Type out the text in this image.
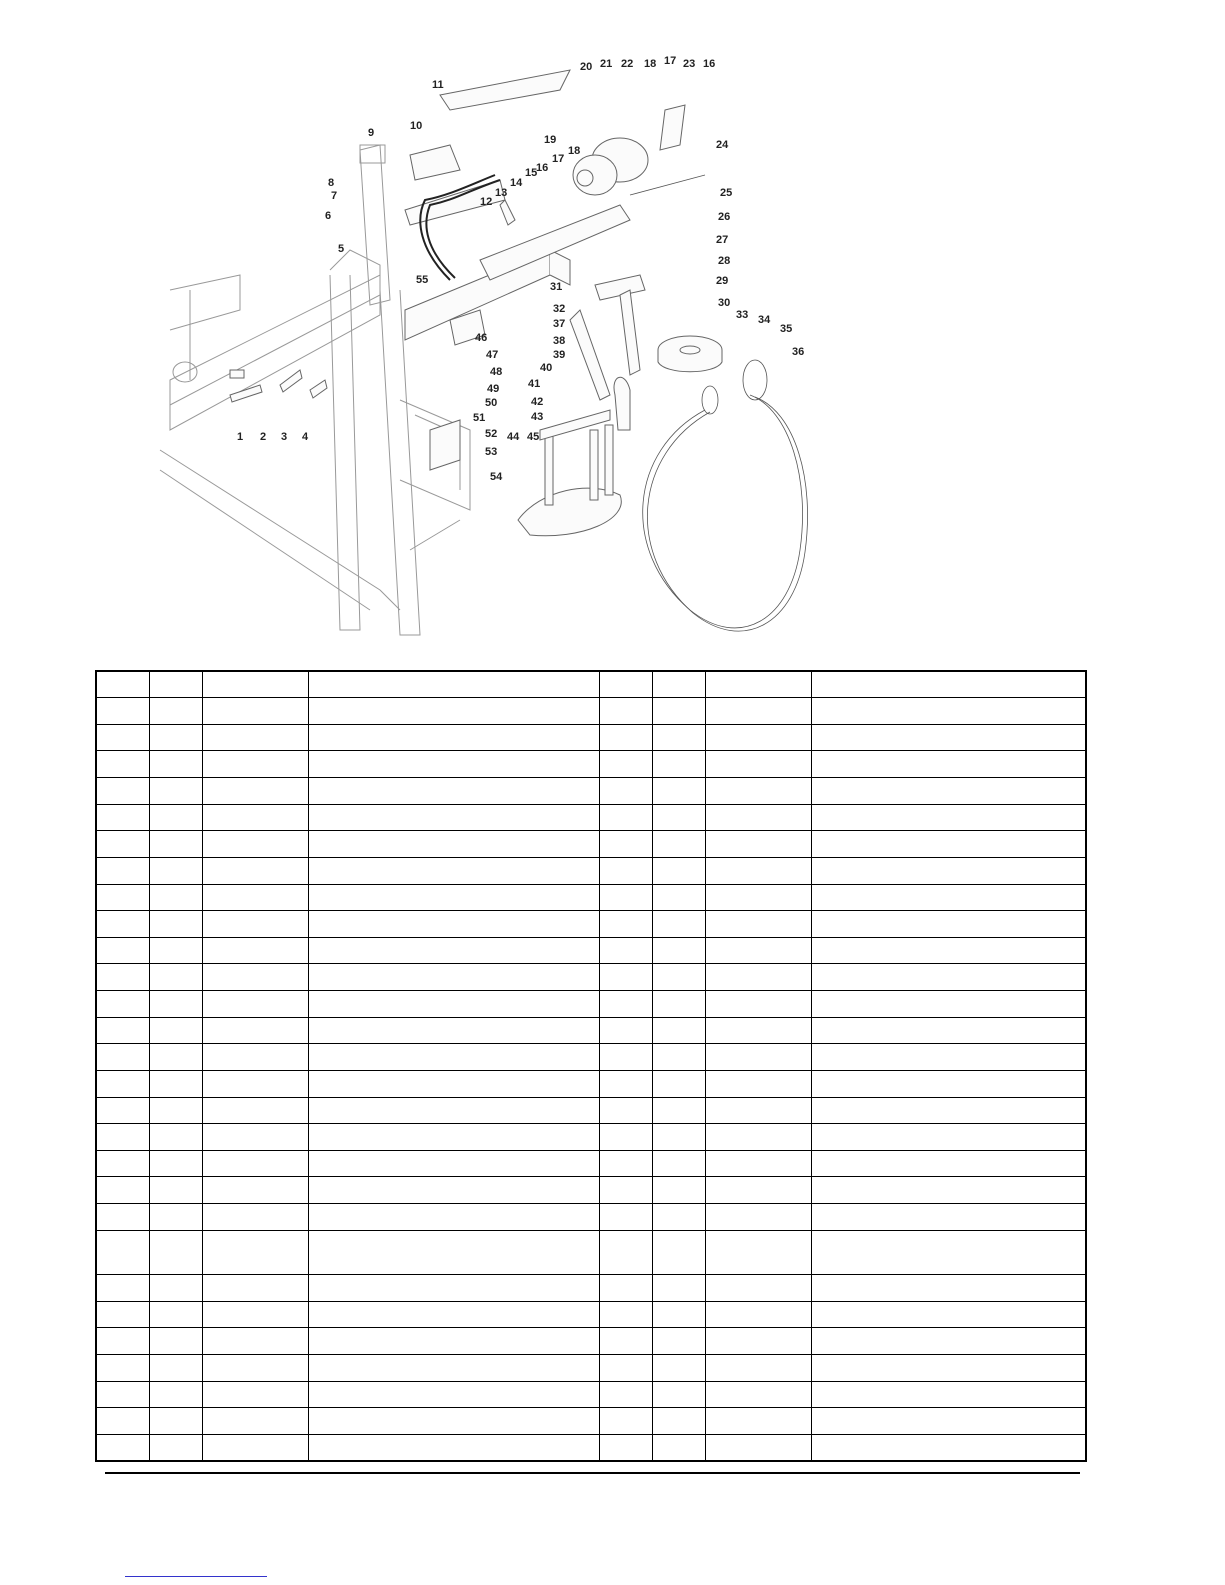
1 2 3 4
5
6
7
8
9
10
11
12
13
14
15
16
16
17
17
18
18
19
20 21 22	23
24
25
26
27
28
29
30
31
32	33 34
35
36
37
38
39
40
41
42
43
44 45
46
47
48
49
50
51
52
53
54
55
